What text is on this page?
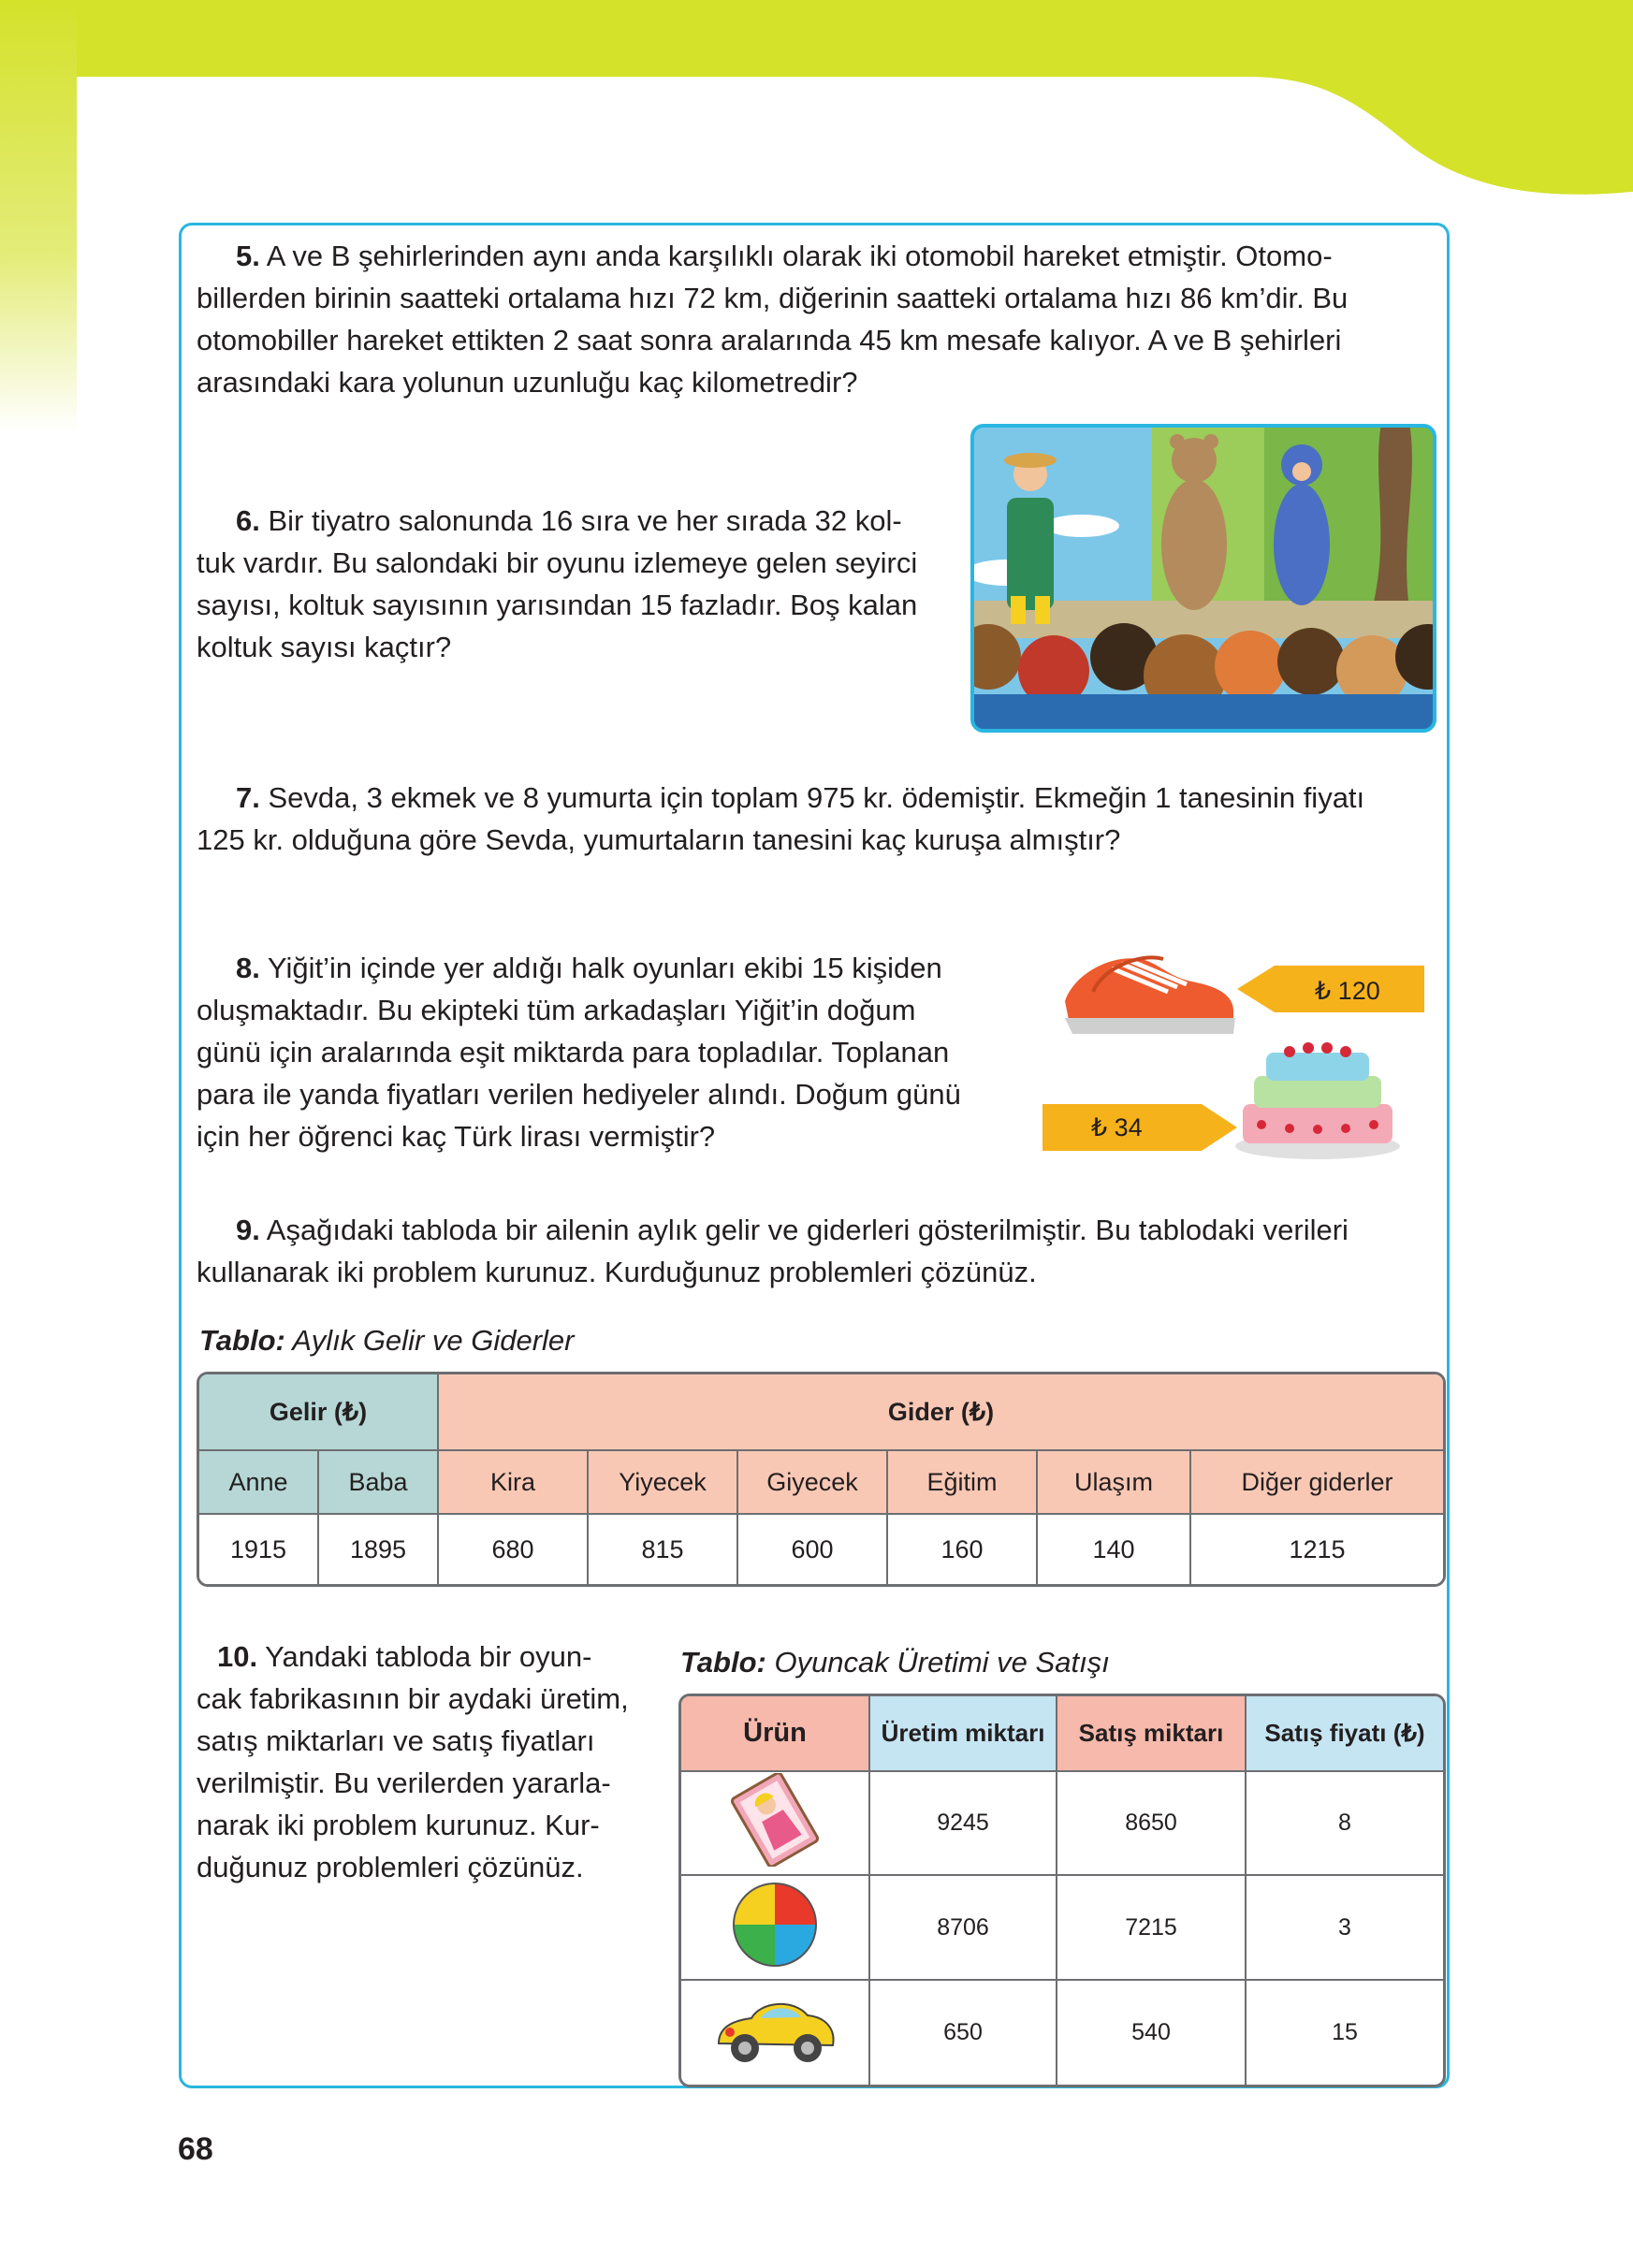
5. A ve B şehirlerinden aynı anda karşılıklı olarak iki otomobil hareket etmiştir. Otomo-
billerden birinin saatteki ortalama hızı 72 km, diğerinin saatteki ortalama hızı 86 km’dir. Bu
otomobiller hareket ettikten 2 saat sonra aralarında 45 km mesafe kalıyor. A ve B şehirleri
arasındaki kara yolunun uzunluğu kaç kilometredir?
6. Bir tiyatro salonunda 16 sıra ve her sırada 32 kol-
tuk vardır. Bu salondaki bir oyunu izlemeye gelen seyirci
sayısı, koltuk sayısının yarısından 15 fazladır. Boş kalan
koltuk sayısı kaçtır?
7. Sevda, 3 ekmek ve 8 yumurta için toplam 975 kr. ödemiştir. Ekmeğin 1 tanesinin fiyatı
125 kr. olduğuna göre Sevda, yumurtaların tanesini kaç kuruşa almıştır?
8. Yiğit’in içinde yer aldığı halk oyunları ekibi 15 kişiden
oluşmaktadır. Bu ekipteki tüm arkadaşları Yiğit’in doğum
günü için aralarında eşit miktarda para topladılar. Toplanan
para ile yanda fiyatları verilen hediyeler alındı. Doğum günü
için her öğrenci kaç Türk lirası vermiştir?
₺ 120
₺ 34
9. Aşağıdaki tabloda bir ailenin aylık gelir ve giderleri gösterilmiştir. Bu tablodaki verileri
kullanarak iki problem kurunuz. Kurduğunuz problemleri çözünüz.
Tablo: Aylık Gelir ve Giderler
Gelir (₺)		Gider (₺)					
Anne	Baba	Kira	Yiyecek	Giyecek	Eğitim	Ulaşım	Diğer giderler
1915	1895	680	815	600	160	140	1215
10. Yandaki tabloda bir oyun-
cak fabrikasının bir aydaki üretim,
satış miktarları ve satış fiyatları
verilmiştir. Bu verilerden yararla-
narak iki problem kurunuz. Kur-
duğunuz problemleri çözünüz.
Tablo: Oyuncak Üretimi ve Satışı
Ürün	Üretim miktarı	Satış miktarı	Satış fiyatı (₺)
	9245	8650	8
	8706	7215	3
	650	540	15
68
